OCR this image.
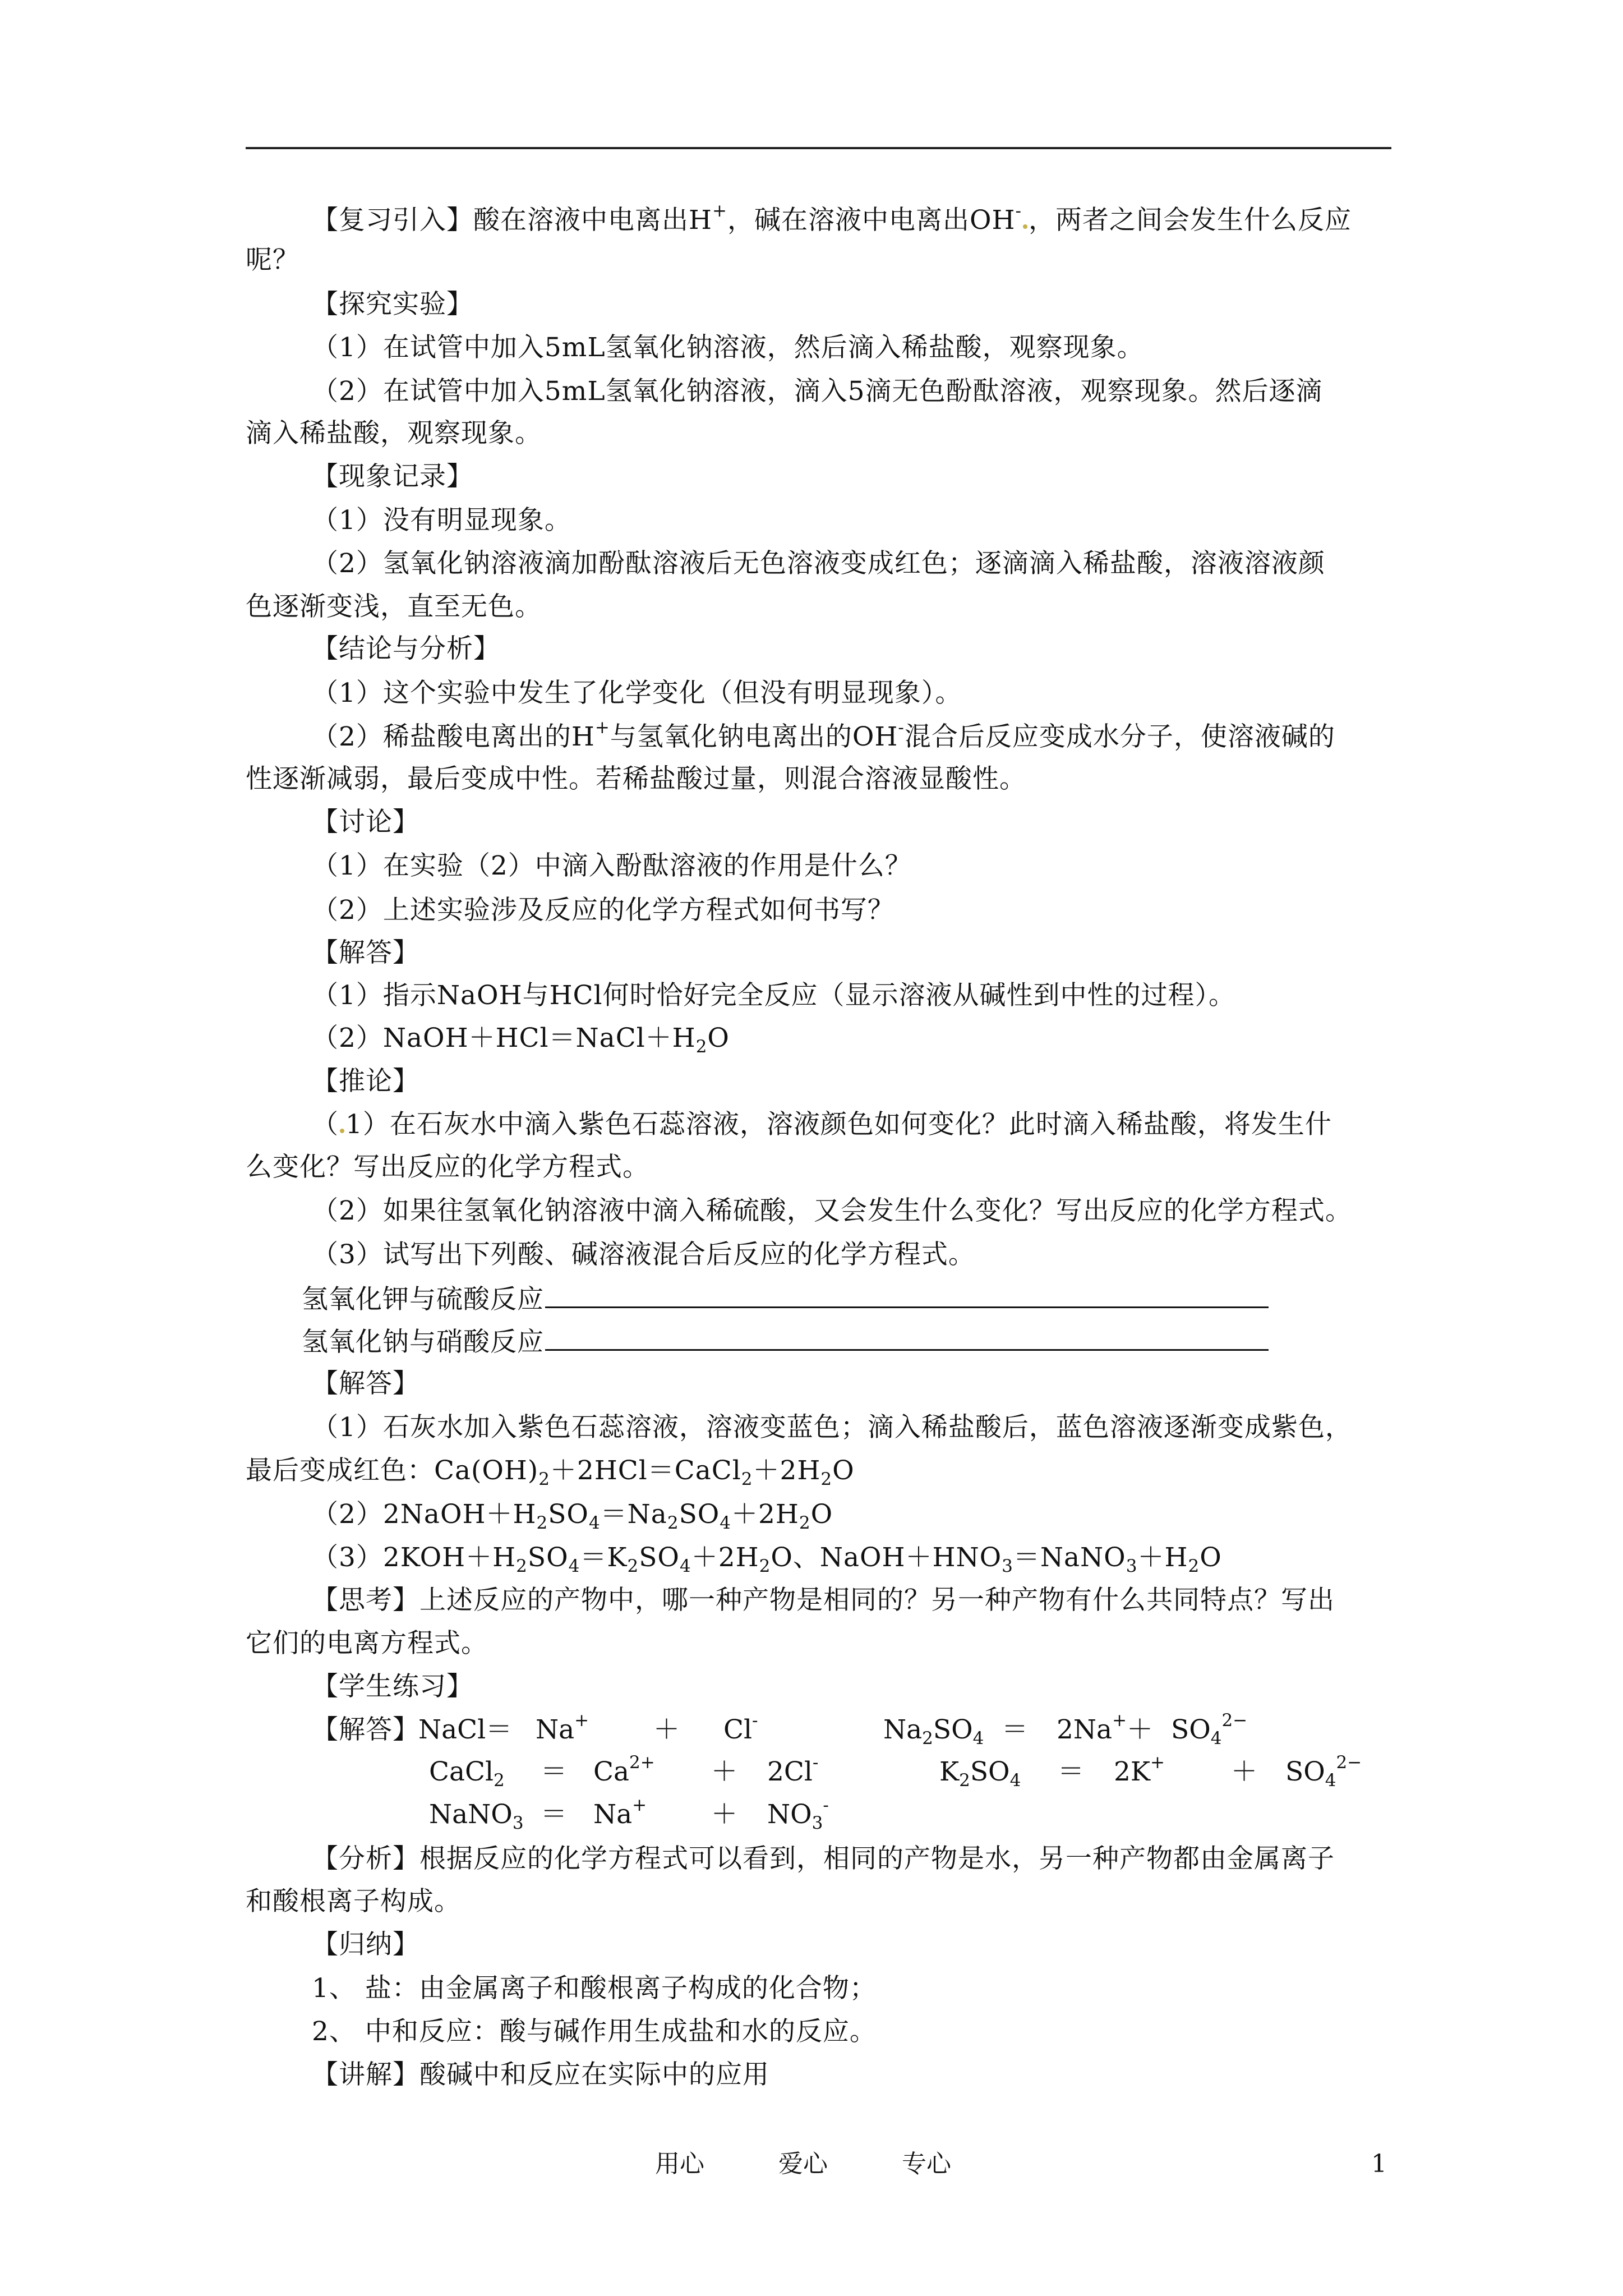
【复习引入】酸在溶液中电离出H+，碱在溶液中电离出OH- ，两者之间会发生什么反应
呢？
【探究实验】
（1）在试管中加入5mL氢氧化钠溶液，然后滴入稀盐酸，观察现象。
（2）在试管中加入5mL氢氧化钠溶液，滴入5滴无色酚酞溶液，观察现象。然后逐滴
滴入稀盐酸，观察现象。
【现象记录】
（1）没有明显现象。
（2）氢氧化钠溶液滴加酚酞溶液后无色溶液变成红色；逐滴滴入稀盐酸，溶液溶液颜
色逐渐变浅，直至无色。
【结论与分析】
（1）这个实验中发生了化学变化（但没有明显现象）。
（2）稀盐酸电离出的H+与氢氧化钠电离出的OH-混合后反应变成水分子，使溶液碱的
性逐渐减弱，最后变成中性。若稀盐酸过量，则混合溶液显酸性。
【讨论】
（1）在实验（2）中滴入酚酞溶液的作用是什么？
（2）上述实验涉及反应的化学方程式如何书写？
【解答】
（1）指示NaOH与HCl何时恰好完全反应（显示溶液从碱性到中性的过程）。
$(2)NaOH+HCl=NaCl+H_2O$
【推论】
（ 1）在石灰水中滴入紫色石蕊溶液，溶液颜色如何变化？此时滴入稀盐酸，将发生什
么变化？写出反应的化学方程式。
（2）如果往氢氧化钠溶液中滴入稀硫酸，又会发生什么变化？写出反应的化学方程式。
（3）试写出下列酸、碱溶液混合后反应的化学方程式。
氢氧化钾与硫酸反应
氢氧化钠与硝酸反应
【解答】
（1）石灰水加入紫色石蕊溶液，溶液变蓝色；滴入稀盐酸后，蓝色溶液逐渐变成紫色，
最后变成红色：$Ca(OH)_2+2HCl=CaCl_2+2H_2O$
$(2)2NaOH+H_2SO_4=Na_2SO_4+2H_2O$
$(3)2KOH+H_2SO_4=K_2SO_4+2H_2O$、$NaOH+HNO_3=NaNO_3+H_2O$
【思考】上述反应的产物中，哪一种产物是相同的？另一种产物有什么共同特点？写出
它们的电离方程式。
【学生练习】
【解答】
NaCl＝ Na+ ＋ Cl-	$Na_2SO_4 = 2Na^++ SO_4^{2-}$
CaCl$_2$ ＝ $Ca^{2+} + 2Cl^-$	$K_2SO_4 = 2K^+$	＋ $SO_4^{2-}$
NaNO$_3$ ＝ $Na^+ + NO_3^-$
【分析】根据反应的化学方程式可以看到，相同的产物是水，另一种产物都由金属离子
和酸根离子构成。
【归纳】
1、 盐：由金属离子和酸根离子构成的化合物；
2、 中和反应：酸与碱作用生成盐和水的反应。
【讲解】酸碱中和反应在实际中的应用
用心　　　爱心　　　专心	1
